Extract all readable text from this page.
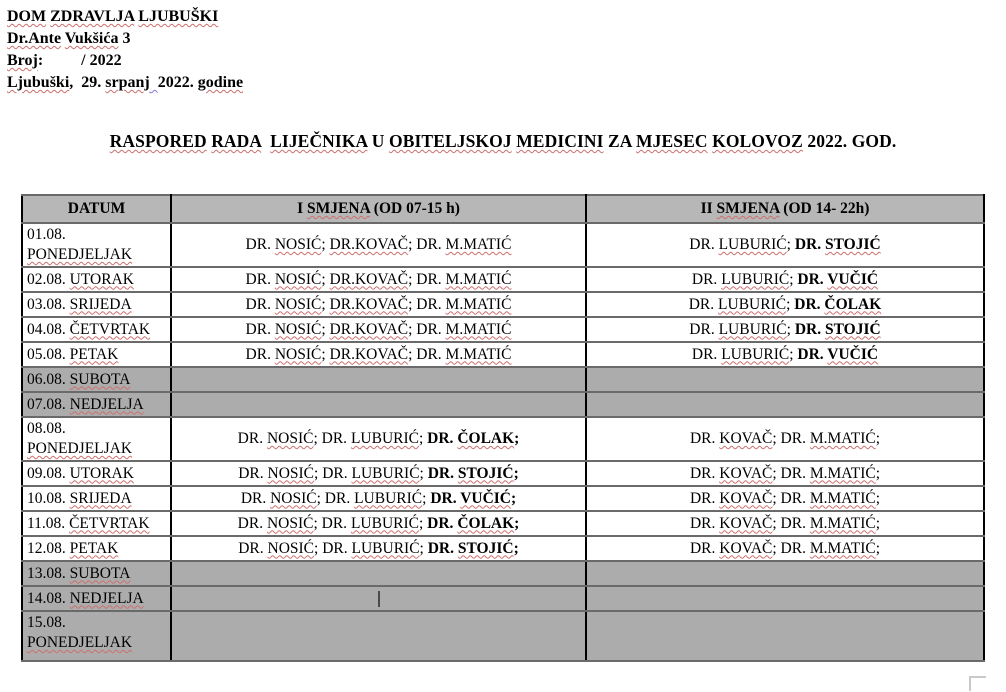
DOM ZDRAVLJA LJUBUŠKI

Dr.Ante Vukšića 3

Broj: / 2022

Ljubuški,  29. srpanj 2022. godine

RASPORED RADA LIJEČNIKA U OBITELJSKOJ MEDICINI ZA MJESEC KOLOVOZ 2022. GOD.
DATUM	I SMJENA (OD 07-15 h)	II SMJENA (OD 14- 22h)
01.08. PONEDJELJAK	DR. NOSIĆ; DR.KOVAČ; DR. M.MATIĆ	DR. LUBURIĆ; DR. STOJIĆ
02.08. UTORAK	DR. NOSIĆ; DR.KOVAČ; DR. M.MATIĆ	DR. LUBURIĆ; DR. VUČIĆ
03.08. SRIJEDA	DR. NOSIĆ; DR.KOVAČ; DR. M.MATIĆ	DR. LUBURIĆ; DR. ČOLAK
04.08. ČETVRTAK	DR. NOSIĆ; DR.KOVAČ; DR. M.MATIĆ	DR. LUBURIĆ; DR. STOJIĆ
05.08. PETAK	DR. NOSIĆ; DR.KOVAČ; DR. M.MATIĆ	DR. LUBURIĆ; DR. VUČIĆ
06.08. SUBOTA		
07.08. NEDJELJA		
08.08. PONEDJELJAK	DR. NOSIĆ; DR. LUBURIĆ; DR. ČOLAK;	DR. KOVAČ; DR. M.MATIĆ;
09.08. UTORAK	DR. NOSIĆ; DR. LUBURIĆ; DR. STOJIĆ;	DR. KOVAČ; DR. M.MATIĆ;
10.08. SRIJEDA	DR. NOSIĆ; DR. LUBURIĆ; DR. VUČIĆ;	DR. KOVAČ; DR. M.MATIĆ;
11.08. ČETVRTAK	DR. NOSIĆ; DR. LUBURIĆ; DR. ČOLAK;	DR. KOVAČ; DR. M.MATIĆ;
12.08. PETAK	DR. NOSIĆ; DR. LUBURIĆ; DR. STOJIĆ;	DR. KOVAČ; DR. M.MATIĆ;
13.08. SUBOTA		
14.08. NEDJELJA		
15.08. PONEDJELJAK		
